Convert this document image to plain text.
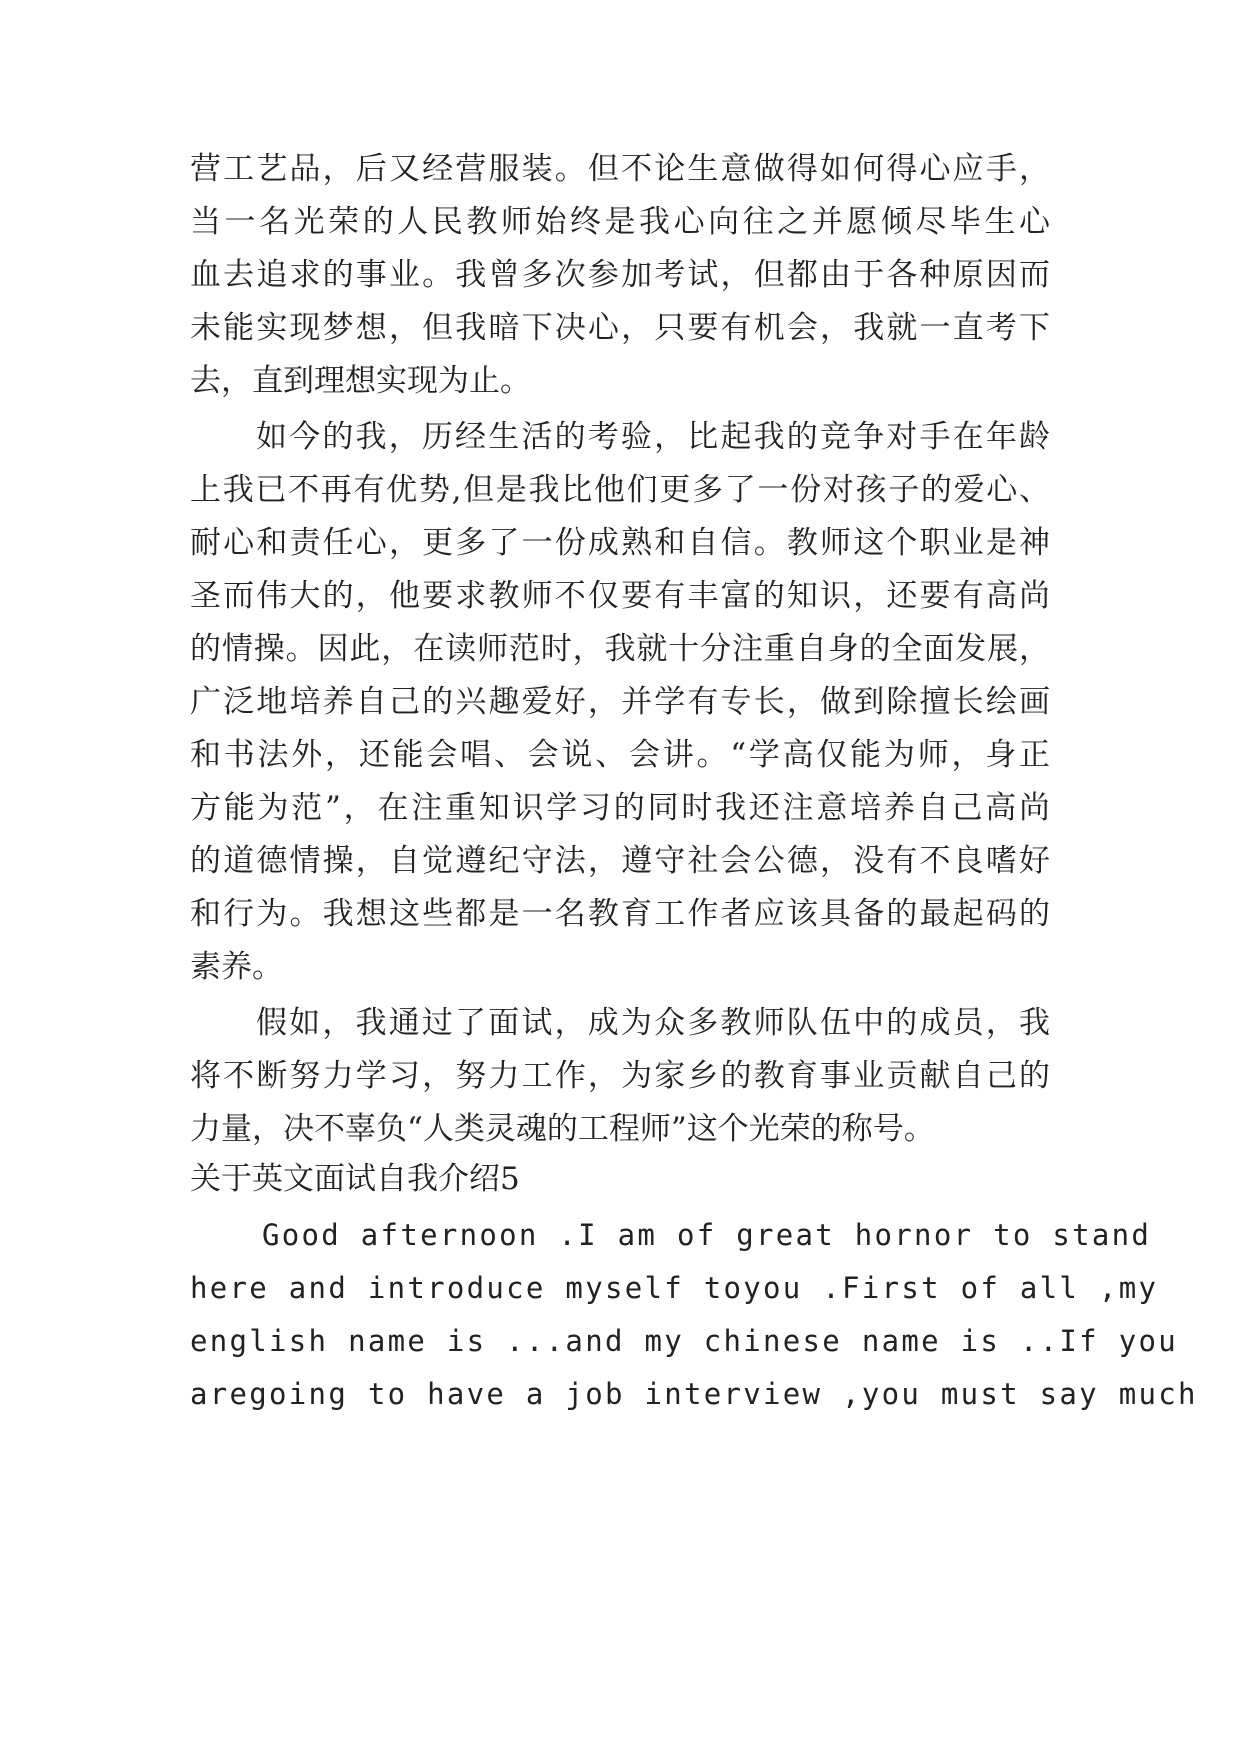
营工艺品，后又经营服装。但不论生意做得如何得心应手，
当一名光荣的人民教师始终是我心向往之并愿倾尽毕生心
血去追求的事业。我曾多次参加考试，但都由于各种原因而
未能实现梦想，但我暗下决心，只要有机会，我就一直考下
去，直到理想实现为止。
如今的我，历经生活的考验，比起我的竞争对手在年龄
上我已不再有优势,但是我比他们更多了一份对孩子的爱心、
耐心和责任心，更多了一份成熟和自信。教师这个职业是神
圣而伟大的，他要求教师不仅要有丰富的知识，还要有高尚
的情操。因此，在读师范时，我就十分注重自身的全面发展，
广泛地培养自己的兴趣爱好，并学有专长，做到除擅长绘画
和书法外，还能会唱、会说、会讲。“学高仅能为师，身正
方能为范”，在注重知识学习的同时我还注意培养自己高尚
的道德情操，自觉遵纪守法，遵守社会公德，没有不良嗜好
和行为。我想这些都是一名教育工作者应该具备的最起码的
素养。
假如，我通过了面试，成为众多教师队伍中的成员，我
将不断努力学习，努力工作，为家乡的教育事业贡献自己的
力量，决不辜负“人类灵魂的工程师”这个光荣的称号。
关于英文面试自我介绍5
Good afternoon .I am of great hornor to stand
here and introduce myself toyou .First of all ,my
english name is ...and my chinese name is ..If you
aregoing to have a job interview ,you must say much
